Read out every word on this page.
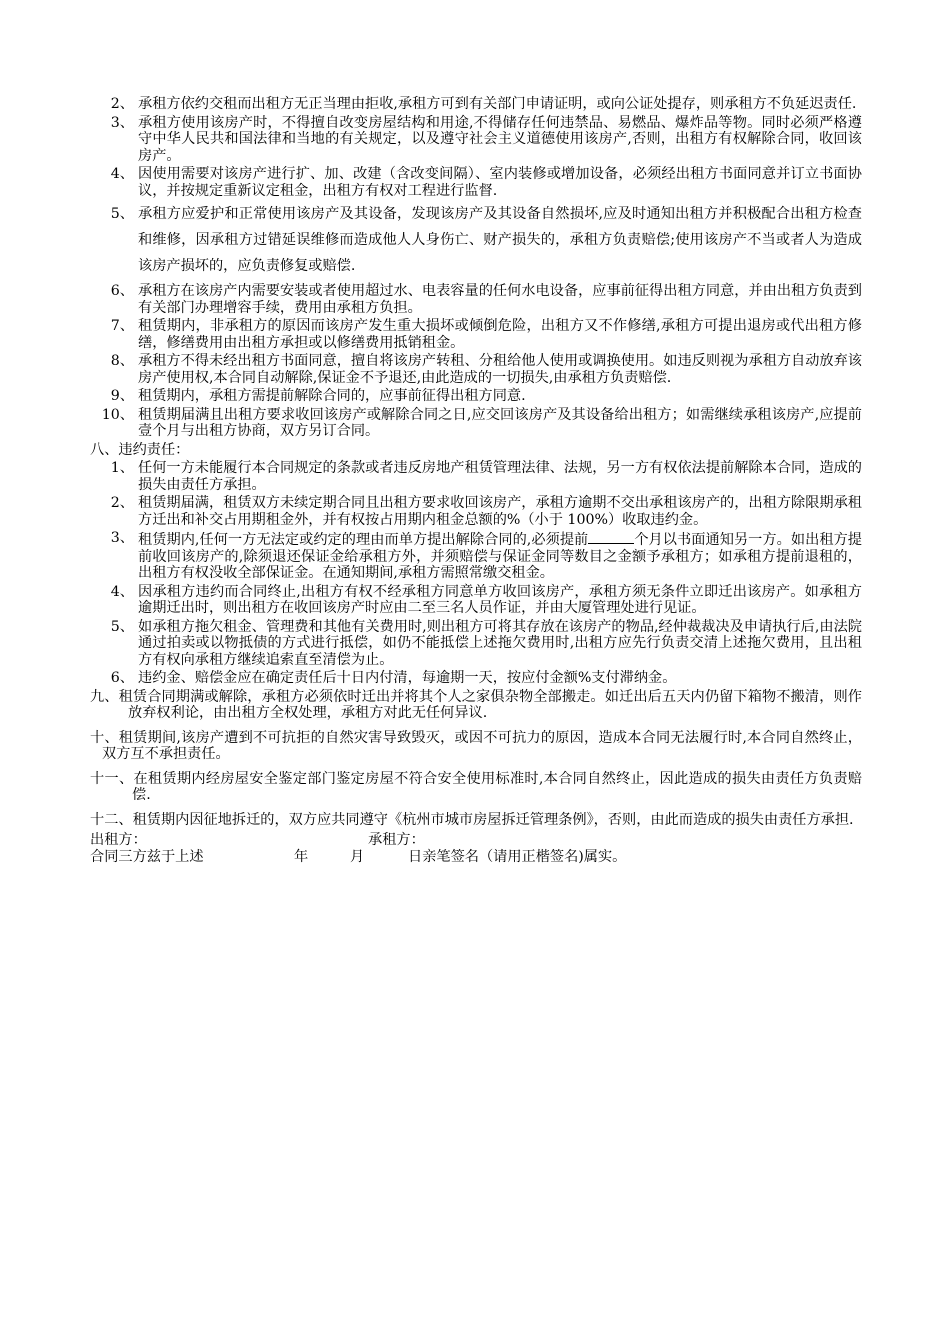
2、 承租方依约交租而出租方无正当理由拒收,承租方可到有关部门申请证明，或向公证处提存，则承租方不负延迟责任.
3、 承租方使用该房产时，不得擅自改变房屋结构和用途,不得储存任何违禁品、易燃品、爆炸品等物。同时必须严格遵守中华人民共和国法律和当地的有关规定，以及遵守社会主义道德使用该房产,否则，出租方有权解除合同，收回该房产。
4、 因使用需要对该房产进行扩、加、改建（含改变间隔）、室内装修或增加设备，必须经出租方书面同意并订立书面协议，并按规定重新议定租金，出租方有权对工程进行监督.
5、 承租方应爱护和正常使用该房产及其设备，发现该房产及其设备自然损坏,应及时通知出租方并积极配合出租方检查和维修，因承租方过错延误维修而造成他人人身伤亡、财产损失的，承租方负责赔偿;使用该房产不当或者人为造成该房产损坏的，应负责修复或赔偿.
6、 承租方在该房产内需要安装或者使用超过水、电表容量的任何水电设备，应事前征得出租方同意，并由出租方负责到有关部门办理增容手续，费用由承租方负担。
7、 租赁期内，非承租方的原因而该房产发生重大损坏或倾倒危险，出租方又不作修缮,承租方可提出退房或代出租方修缮，修缮费用由出租方承担或以修缮费用抵销租金。
8、 承租方不得未经出租方书面同意，擅自将该房产转租、分租给他人使用或调换使用。如违反则视为承租方自动放弃该房产使用权,本合同自动解除,保证金不予退还,由此造成的一切损失,由承租方负责赔偿.
9、 租赁期内，承租方需提前解除合同的，应事前征得出租方同意.
10、 租赁期届满且出租方要求收回该房产或解除合同之日,应交回该房产及其设备给出租方；如需继续承租该房产,应提前壹个月与出租方协商，双方另订合同。
八、违约责任：
1、 任何一方未能履行本合同规定的条款或者违反房地产租赁管理法律、法规，另一方有权依法提前解除本合同，造成的损失由责任方承担。
2、 租赁期届满，租赁双方未续定期合同且出租方要求收回该房产，承租方逾期不交出承租该房产的，出租方除限期承租方迁出和补交占用期租金外，并有权按占用期内租金总额的%（小于 100%）收取违约金。
3、 租赁期内,任何一方无法定或约定的理由而单方提出解除合同的,必须提前	个月以书面通知另一方。如出租方提前收回该房产的,除须退还保证金给承租方外，并须赔偿与保证金同等数目之金额予承租方；如承租方提前退租的，出租方有权没收全部保证金。在通知期间,承租方需照常缴交租金。
4、 因承租方违约而合同终止,出租方有权不经承租方同意单方收回该房产，承租方须无条件立即迁出该房产。如承租方逾期迁出时，则出租方在收回该房产时应由二至三名人员作证，并由大厦管理处进行见证。
5、 如承租方拖欠租金、管理费和其他有关费用时,则出租方可将其存放在该房产的物品,经仲裁裁决及申请执行后,由法院通过拍卖或以物抵债的方式进行抵偿，如仍不能抵偿上述拖欠费用时,出租方应先行负责交清上述拖欠费用，且出租方有权向承租方继续追索直至清偿为止。
6、 违约金、赔偿金应在确定责任后十日内付清，每逾期一天，按应付金额%支付滞纳金。
九、租赁合同期满或解除，承租方必须依时迁出并将其个人之家俱杂物全部搬走。如迁出后五天内仍留下箱物不搬清，则作放弃权利论，由出租方全权处理，承租方对此无任何异议.
十、租赁期间,该房产遭到不可抗拒的自然灾害导致毁灭，或因不可抗力的原因，造成本合同无法履行时,本合同自然终止，双方互不承担责任。
十一、在租赁期内经房屋安全鉴定部门鉴定房屋不符合安全使用标准时,本合同自然终止，因此造成的损失由责任方负责赔偿.
十二、租赁期内因征地拆迁的，双方应共同遵守《杭州市城市房屋拆迁管理条例》，否则，由此而造成的损失由责任方承担.
出租方：	承租方：
合同三方兹于上述	年	月	日亲笔签名（请用正楷签名)属实。
